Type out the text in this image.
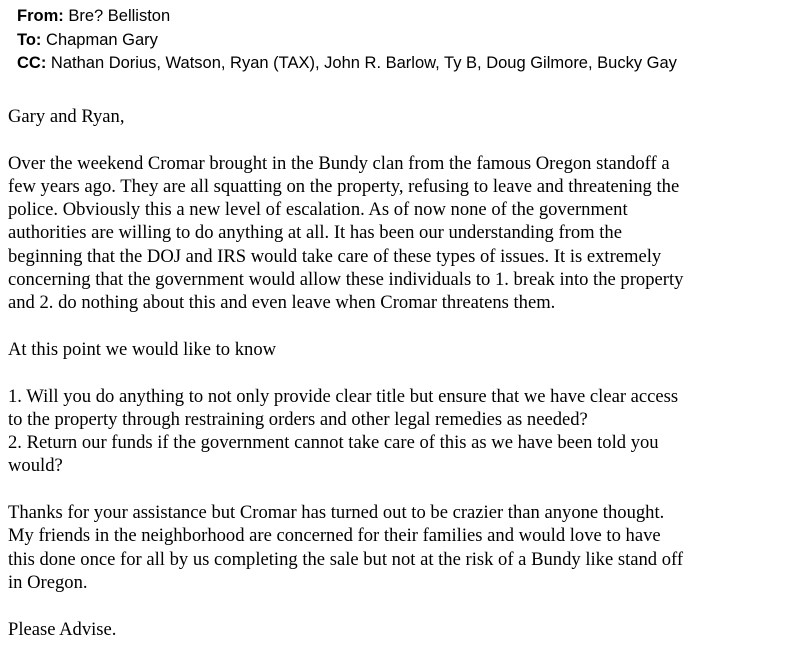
From: Bre? Belliston
To: Chapman Gary
CC: Nathan Dorius, Watson, Ryan (TAX), John R. Barlow, Ty B, Doug Gilmore, Bucky Gay

Gary and Ryan,

Over the weekend Cromar brought in the Bundy clan from the famous Oregon standoff a
few years ago. They are all squatting on the property, refusing to leave and threatening the
police. Obviously this a new level of escalation. As of now none of the government
authorities are willing to do anything at all. It has been our understanding from the
beginning that the DOJ and IRS would take care of these types of issues. It is extremely
concerning that the government would allow these individuals to 1. break into the property
and 2. do nothing about this and even leave when Cromar threatens them.

At this point we would like to know

1. Will you do anything to not only provide clear title but ensure that we have clear access
to the property through restraining orders and other legal remedies as needed?
2. Return our funds if the government cannot take care of this as we have been told you
would?

Thanks for your assistance but Cromar has turned out to be crazier than anyone thought.
My friends in the neighborhood are concerned for their families and would love to have
this done once for all by us completing the sale but not at the risk of a Bundy like stand off
in Oregon.

Please Advise.
